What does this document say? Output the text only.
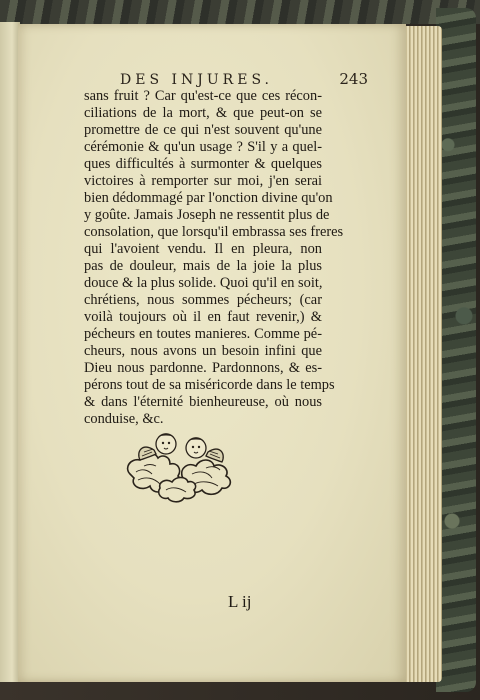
DES INJURES.	243

sans fruit ? Car qu'est-ce que ces récon-
ciliations de la mort, & que peut-on se
promettre de ce qui n'est souvent qu'une
cérémonie & qu'un usage ? S'il y a quel-
ques difficultés à surmonter & quelques
victoires à remporter sur moi, j'en serai
bien dédommagé par l'onction divine qu'on
y goûte. Jamais Joseph ne ressentit plus de
consolation, que lorsqu'il embrassa ses freres
qui l'avoient vendu. Il en pleura, non
pas de douleur, mais de la joie la plus
douce & la plus solide. Quoi qu'il en soit,
chrétiens, nous sommes pécheurs; (car
voilà toujours où il en faut revenir,) &
pécheurs en toutes manieres. Comme pé-
cheurs, nous avons un besoin infini que
Dieu nous pardonne. Pardonnons, & es-
pérons tout de sa miséricorde dans le temps
& dans l'éternité bienheureuse, où nous
conduise, &c.

L ij
